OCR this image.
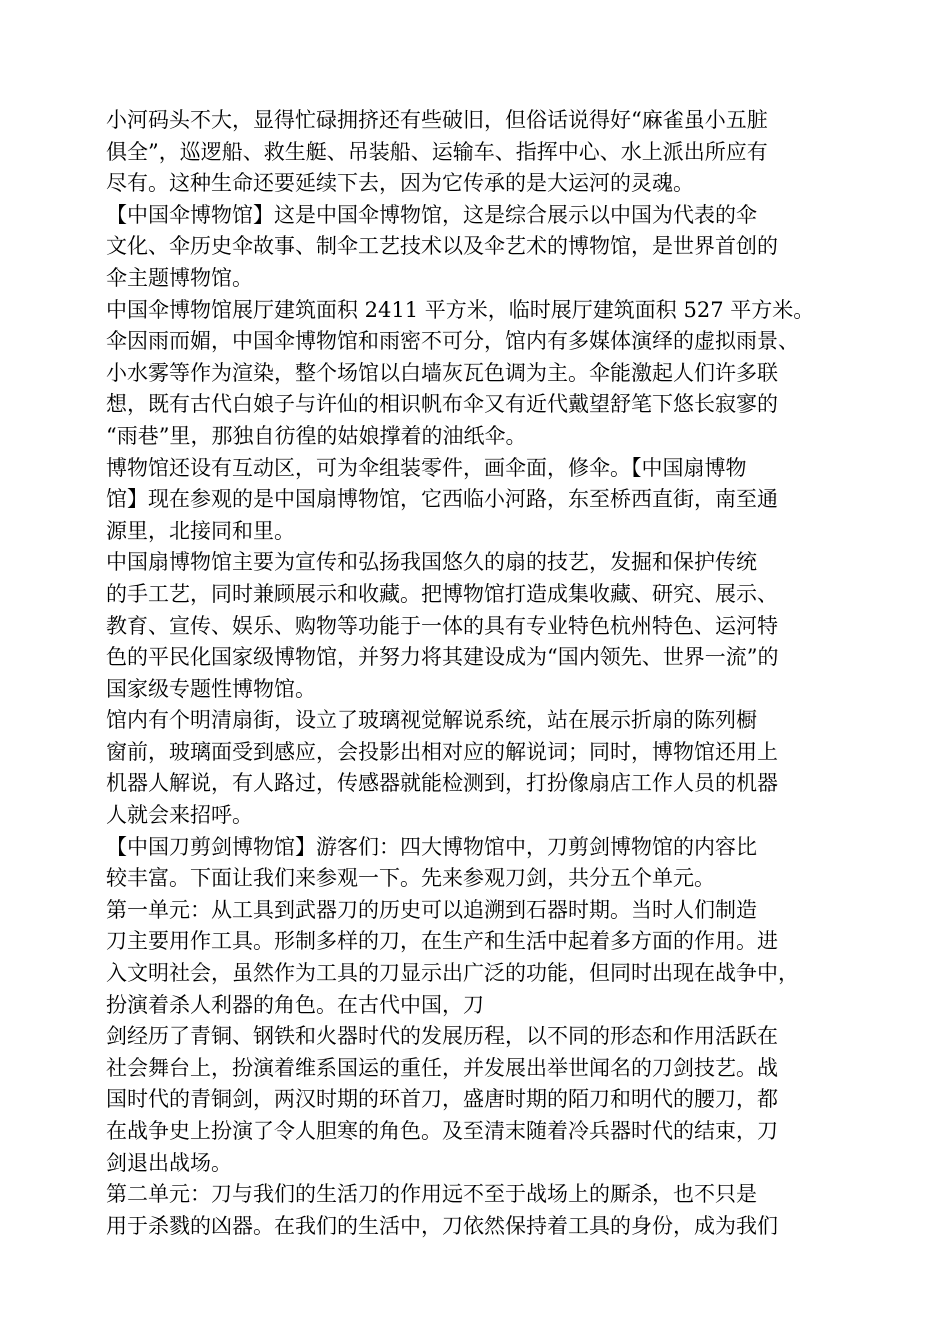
小河码头不大，显得忙碌拥挤还有些破旧，但俗话说得好“麻雀虽小五脏
俱全”，巡逻船、救生艇、吊装船、运输车、指挥中心、水上派出所应有
尽有。这种生命还要延续下去，因为它传承的是大运河的灵魂。
【中国伞博物馆】这是中国伞博物馆，这是综合展示以中国为代表的伞
文化、伞历史伞故事、制伞工艺技术以及伞艺术的博物馆，是世界首创的
伞主题博物馆。
中国伞博物馆展厅建筑面积 2411 平方米，临时展厅建筑面积 527 平方米。
伞因雨而媚，中国伞博物馆和雨密不可分，馆内有多媒体演绎的虚拟雨景、
小水雾等作为渲染，整个场馆以白墙灰瓦色调为主。伞能激起人们许多联
想，既有古代白娘子与许仙的相识帆布伞又有近代戴望舒笔下悠长寂寥的
“雨巷”里，那独自彷徨的姑娘撑着的油纸伞。
博物馆还设有互动区，可为伞组装零件，画伞面，修伞。【中国扇博物
馆】现在参观的是中国扇博物馆，它西临小河路，东至桥西直街，南至通
源里，北接同和里。
中国扇博物馆主要为宣传和弘扬我国悠久的扇的技艺，发掘和保护传统
的手工艺，同时兼顾展示和收藏。把博物馆打造成集收藏、研究、展示、
教育、宣传、娱乐、购物等功能于一体的具有专业特色杭州特色、运河特
色的平民化国家级博物馆，并努力将其建设成为“国内领先、世界一流”的
国家级专题性博物馆。
馆内有个明清扇街，设立了玻璃视觉解说系统，站在展示折扇的陈列橱
窗前，玻璃面受到感应，会投影出相对应的解说词；同时，博物馆还用上
机器人解说，有人路过，传感器就能检测到，打扮像扇店工作人员的机器
人就会来招呼。
【中国刀剪剑博物馆】游客们：四大博物馆中，刀剪剑博物馆的内容比
较丰富。下面让我们来参观一下。先来参观刀剑，共分五个单元。
第一单元：从工具到武器刀的历史可以追溯到石器时期。当时人们制造
刀主要用作工具。形制多样的刀，在生产和生活中起着多方面的作用。进
入文明社会，虽然作为工具的刀显示出广泛的功能，但同时出现在战争中，
扮演着杀人利器的角色。在古代中国，刀
剑经历了青铜、钢铁和火器时代的发展历程，以不同的形态和作用活跃在
社会舞台上，扮演着维系国运的重任，并发展出举世闻名的刀剑技艺。战
国时代的青铜剑，两汉时期的环首刀，盛唐时期的陌刀和明代的腰刀，都
在战争史上扮演了令人胆寒的角色。及至清末随着冷兵器时代的结束，刀
剑退出战场。
第二单元：刀与我们的生活刀的作用远不至于战场上的厮杀，也不只是
用于杀戮的凶器。在我们的生活中，刀依然保持着工具的身份，成为我们
